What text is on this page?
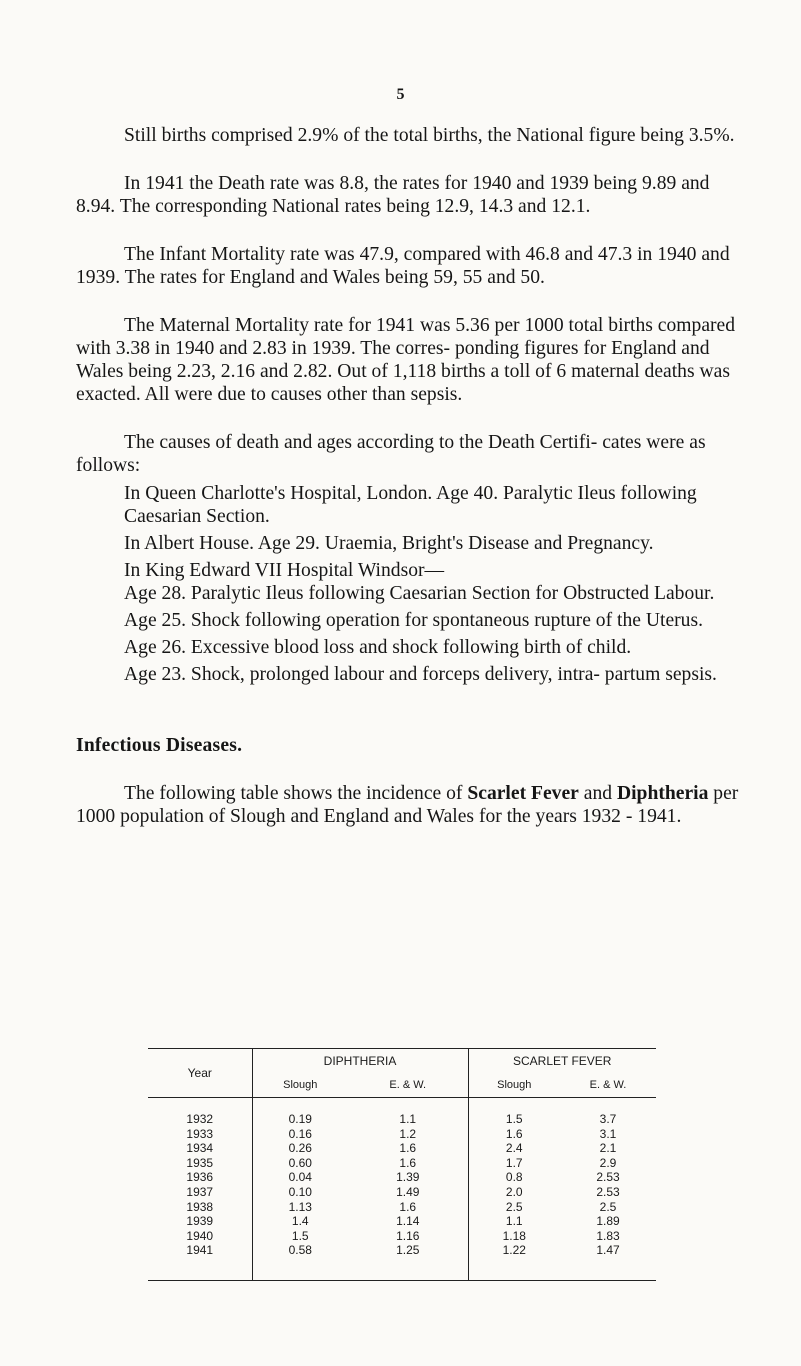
5

Still births comprised 2.9% of the total births, the National figure being 3.5%.

In 1941 the Death rate was 8.8, the rates for 1940 and 1939 being 9.89 and 8.94. The corresponding National rates being 12.9, 14.3 and 12.1.

The Infant Mortality rate was 47.9, compared with 46.8 and 47.3 in 1940 and 1939. The rates for England and Wales being 59, 55 and 50.

The Maternal Mortality rate for 1941 was 5.36 per 1000 total births compared with 3.38 in 1940 and 2.83 in 1939. The corres- ponding figures for England and Wales being 2.23, 2.16 and 2.82. Out of 1,118 births a toll of 6 maternal deaths was exacted. All were due to causes other than sepsis.

The causes of death and ages according to the Death Certifi- cates were as follows:

In Queen Charlotte's Hospital, London. Age 40. Paralytic Ileus following Caesarian Section.

In Albert House. Age 29. Uraemia, Bright's Disease and Pregnancy.

In King Edward VII Hospital Windsor—

Age 28. Paralytic Ileus following Caesarian Section for Obstructed Labour.

Age 25. Shock following operation for spontaneous rupture of the Uterus.

Age 26. Excessive blood loss and shock following birth of child.

Age 23. Shock, prolonged labour and forceps delivery, intra- partum sepsis.

Infectious Diseases.

The following table shows the incidence of Scarlet Fever and Diphtheria per 1000 population of Slough and England and Wales for the years 1932 - 1941.

Year	DIPHTHERIA		SCARLET FEVER	
	Slough	E. & W.	Slough	E. & W.
1932	0.19	1.1	1.5	3.7
1933	0.16	1.2	1.6	3.1
1934	0.26	1.6	2.4	2.1
1935	0.60	1.6	1.7	2.9
1936	0.04	1.39	0.8	2.53
1937	0.10	1.49	2.0	2.53
1938	1.13	1.6	2.5	2.5
1939	1.4	1.14	1.1	1.89
1940	1.5	1.16	1.18	1.83
1941	0.58	1.25	1.22	1.47
